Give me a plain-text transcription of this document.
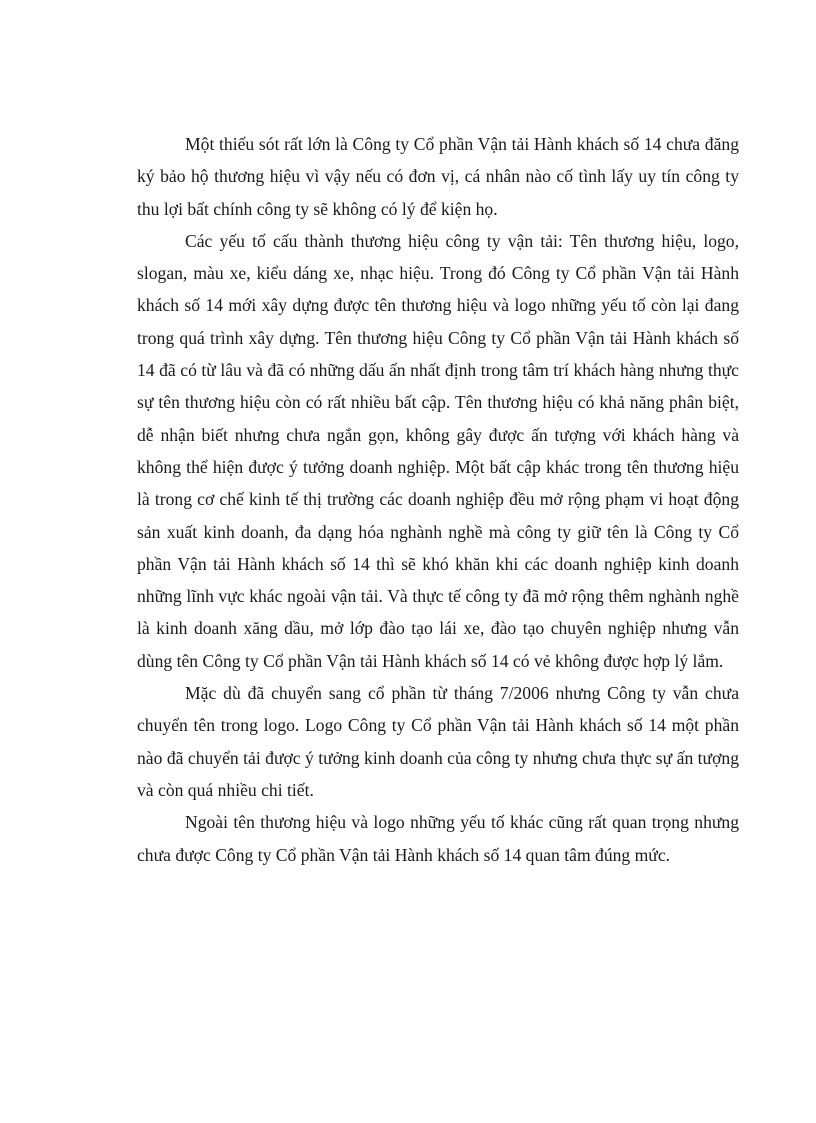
Một thiếu sót rất lớn là Công ty Cổ phần Vận tải Hành khách số 14 chưa đăng ký bảo hộ thương hiệu vì vậy nếu có đơn vị, cá nhân nào cố tình lấy uy tín công ty thu lợi bất chính công ty sẽ không có lý để kiện họ.

Các yếu tố cấu thành thương hiệu công ty vận tải: Tên thương hiệu, logo, slogan, màu xe, kiểu dáng xe, nhạc hiệu. Trong đó Công ty Cổ phần Vận tải Hành khách số 14 mới xây dựng được tên thương hiệu và logo những yếu tố còn lại đang trong quá trình xây dựng. Tên thương hiệu Công ty Cổ phần Vận tải Hành khách số 14 đã có từ lâu và đã có những dấu ấn nhất định trong tâm trí khách hàng nhưng thực sự tên thương hiệu còn có rất nhiều bất cập. Tên thương hiệu có khả năng phân biệt, dễ nhận biết nhưng chưa ngắn gọn, không gây được ấn tượng với khách hàng và không thể hiện được ý tưởng doanh nghiệp. Một bất cập khác trong tên thương hiệu là trong cơ chế kinh tế thị trường các doanh nghiệp đều mở rộng phạm vi hoạt động sản xuất kinh doanh, đa dạng hóa nghành nghề mà công ty giữ tên là Công ty Cổ phần Vận tải Hành khách số 14 thì sẽ khó khăn khi các doanh nghiệp kinh doanh những lĩnh vực khác ngoài vận tải. Và thực tế công ty đã mở rộng thêm nghành nghề là kinh doanh xăng dầu, mở lớp đào tạo lái xe, đào tạo chuyên nghiệp nhưng vẫn dùng tên Công ty Cổ phần Vận tải Hành khách số 14 có vẻ không được hợp lý lắm.

Mặc dù đã chuyển sang cổ phần từ tháng 7/2006 nhưng Công ty vẫn chưa chuyển tên trong logo. Logo Công ty Cổ phần Vận tải Hành khách số 14 một phần nào đã chuyển tải được ý tưởng kinh doanh của công ty nhưng chưa thực sự ấn tượng và còn quá nhiều chi tiết.

Ngoài tên thương hiệu và logo những yếu tố khác cũng rất quan trọng nhưng chưa được Công ty Cổ phần Vận tải Hành khách số 14 quan tâm đúng mức.
